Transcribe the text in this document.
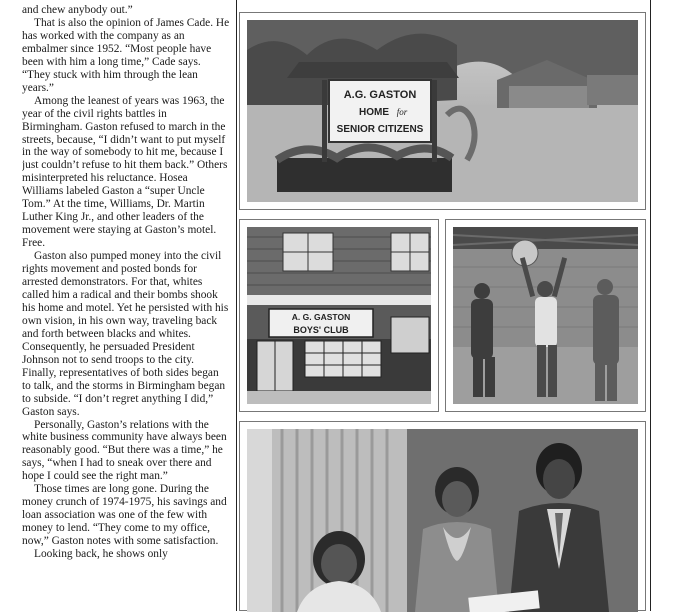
and chew anybody out.”

That is also the opinion of James Cade. He has worked with the company as an embalmer since 1952. “Most people have been with him a long time,” Cade says. “They stuck with him through the lean years.”

Among the leanest of years was 1963, the year of the civil rights battles in Birmingham. Gaston refused to march in the streets, because, “I didn’t want to put myself in the way of somebody to hit me, because I just couldn’t refuse to hit them back.” Others misinterpreted his reluctance. Hosea Williams labeled Gaston a “super Uncle Tom.” At the time, Williams, Dr. Martin Luther King Jr., and other leaders of the movement were staying at Gaston’s motel. Free.

Gaston also pumped money into the civil rights movement and posted bonds for arrested demonstrators. For that, whites called him a radical and their bombs shook his home and motel. Yet he persisted with his own vision, in his own way, traveling back and forth between blacks and whites. Consequently, he persuaded President Johnson not to send troops to the city. Finally, representatives of both sides began to talk, and the storms in Birmingham began to subside. “I don’t regret anything I did,” Gaston says.

Personally, Gaston’s relations with the white business community have always been reasonably good. “But there was a time,” he says, “when I had to sneak over there and hope I could see the right man.”

Those times are long gone. During the money crunch of 1974-1975, his savings and loan association was one of the few with money to lend. “They come to my office, now,” Gaston notes with some satisfaction.

Looking back, he shows only

A.G. GASTON
HOME for
SENIOR CITIZENS
A. G. GASTON
BOYS' CLUB
